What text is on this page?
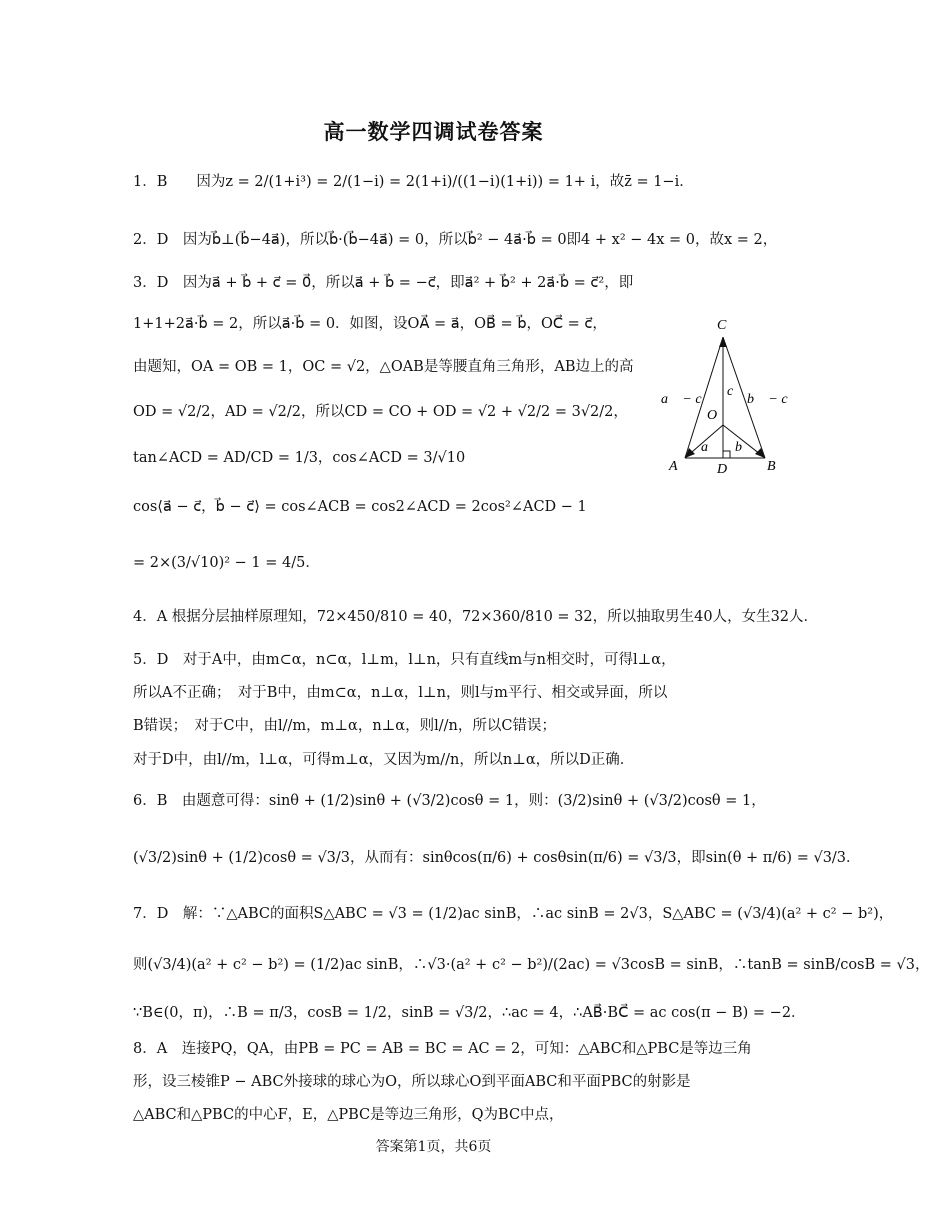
高一数学四调试卷答案
1．B　　因为z = 2/(1+i³) = 2/(1−i) = 2(1+i)/((1−i)(1+i)) = 1+ i，故z̄ = 1−i．
2．D　因为b⃗⊥(b⃗−4a⃗)，所以b⃗·(b⃗−4a⃗) = 0，所以b⃗² − 4a⃗·b⃗ = 0即4 + x² − 4x = 0，故x = 2，
3．D　因为a⃗ + b⃗ + c⃗ = 0⃗，所以a⃗ + b⃗ = −c⃗，即a⃗² + b⃗² + 2a⃗·b⃗ = c⃗²，即
1+1+2a⃗·b⃗ = 2，所以a⃗·b⃗ = 0．如图，设OA⃗ = a⃗，OB⃗ = b⃗，OC⃗ = c⃗，
由题知，OA = OB = 1，OC = √2，△OAB是等腰直角三角形，AB边上的高
OD = √2/2，AD = √2/2，所以CD = CO + OD = √2 + √2/2 = 3√2/2，
tan∠ACD = AD/CD = 1/3，cos∠ACD = 3/√10
cos⟨a⃗ − c⃗，b⃗ − c⃗⟩ = cos∠ACB = cos2∠ACD = 2cos²∠ACD − 1
= 2×(3/√10)² − 1 = 4/5．
4．A 根据分层抽样原理知，72×450/810 = 40，72×360/810 = 32，所以抽取男生40人，女生32人．
5．D　对于A中，由m⊂α，n⊂α，l⊥m，l⊥n，只有直线m与n相交时，可得l⊥α，
所以A不正确；　对于B中，由m⊂α，n⊥α，l⊥n，则l与m平行、相交或异面，所以
B错误；　对于C中，由l//m，m⊥α，n⊥α，则l//n，所以C错误；
对于D中，由l//m，l⊥α，可得m⊥α，又因为m//n，所以n⊥α，所以D正确．
6．B　由题意可得：sinθ + (1/2)sinθ + (√3/2)cosθ = 1，则：(3/2)sinθ + (√3/2)cosθ = 1，
(√3/2)sinθ + (1/2)cosθ = √3/3，从而有：sinθcos(π/6) + cosθsin(π/6) = √3/3，即sin(θ + π/6) = √3/3．
7．D　解：∵△ABC的面积S△ABC = √3 = (1/2)ac sinB，∴ac sinB = 2√3，S△ABC = (√3/4)(a² + c² − b²)，
则(√3/4)(a² + c² − b²) = (1/2)ac sinB，∴√3·(a² + c² − b²)/(2ac) = √3cosB = sinB，∴tanB = sinB/cosB = √3，
∵B∈(0，π)，∴B = π/3，cosB = 1/2，sinB = √3/2，∴ac = 4，∴AB⃗·BC⃗ = ac cos(π − B) = −2．
8．A　连接PQ，QA，由PB = PC = AB = BC = AC = 2，可知：△ABC和△PBC是等边三角
形，设三棱锥P − ABC外接球的球心为O，所以球心O到平面ABC和平面PBC的射影是
△ABC和△PBC的中心F，E，△PBC是等边三角形，Q为BC中点，
C
A	B
D
O
a⃗ − c⃗ b⃗ − c⃗
c⃗
a⃗ b⃗
答案第1页，共6页
